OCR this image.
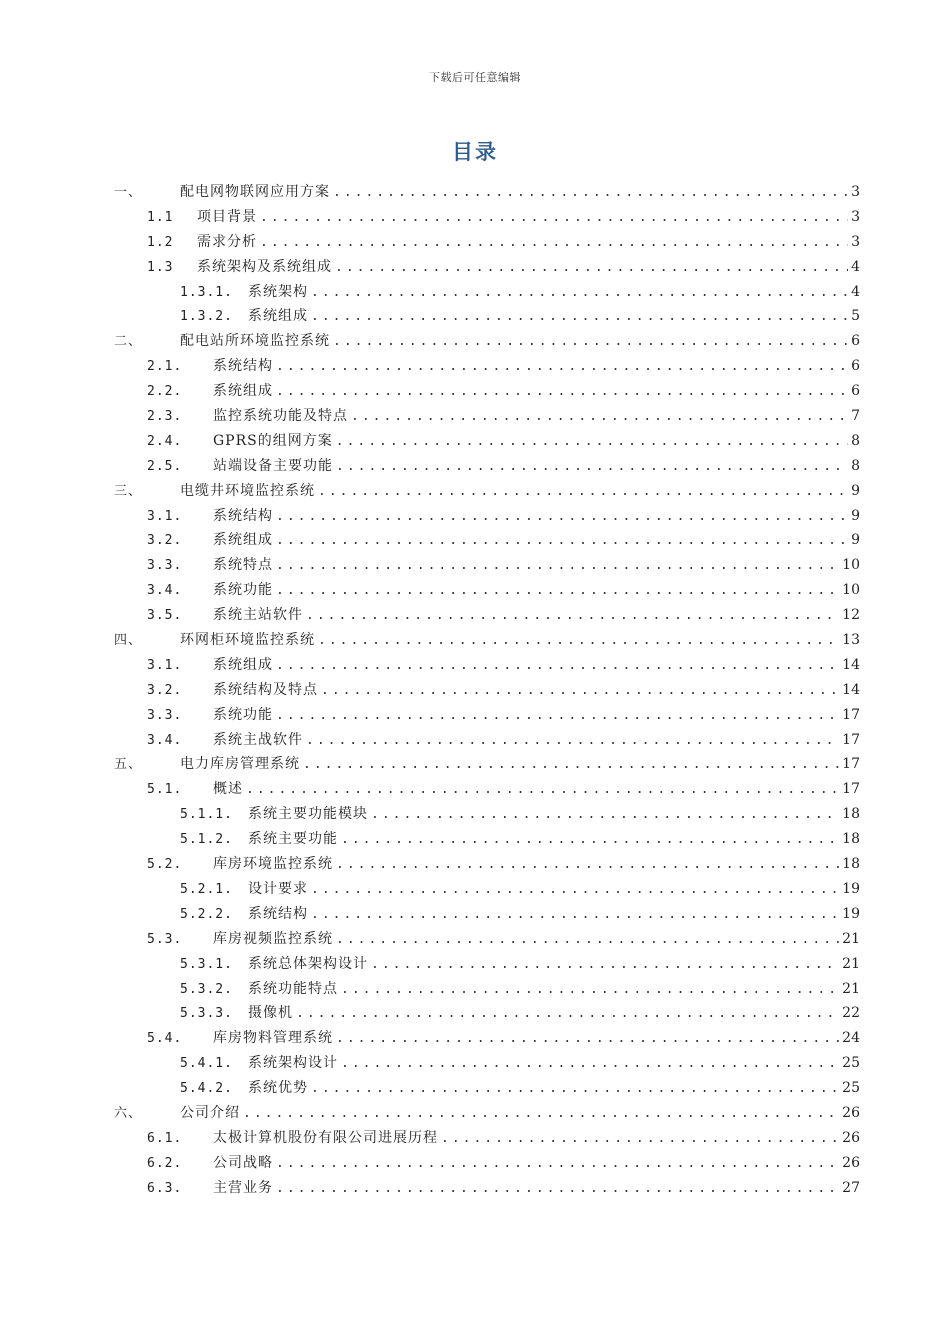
下载后可任意编辑
目录
一、	配电网物联网应用方案 .....	3
1.1	项目背景 .....	3
1.2	需求分析 .....	3
1.3	系统架构及系统组成 .....	4
1.3.1.	系统架构 .....	4
1.3.2.	系统组成 .....	5
二、	配电站所环境监控系统 .....	6
2.1.	系统结构 .....	6
2.2.	系统组成 .....	6
2.3.	监控系统功能及特点 .....	7
2.4.	GPRS的组网方案 .....	8
2.5.	站端设备主要功能 .....	8
三、	电缆井环境监控系统 .....	9
3.1.	系统结构 .....	9
3.2.	系统组成 .....	9
3.3.	系统特点 .....	10
3.4.	系统功能 .....	10
3.5.	系统主站软件 .....	12
四、	环网柜环境监控系统 .....	13
3.1.	系统组成 .....	14
3.2.	系统结构及特点 .....	14
3.3.	系统功能 .....	17
3.4.	系统主战软件 .....	17
五、	电力库房管理系统 .....	17
5.1.	概述 .....	17
5.1.1.	系统主要功能模块 .....	18
5.1.2.	系统主要功能 .....	18
5.2.	库房环境监控系统 .....	18
5.2.1.	设计要求 .....	19
5.2.2.	系统结构 .....	19
5.3.	库房视频监控系统 .....	21
5.3.1.	系统总体架构设计 .....	21
5.3.2.	系统功能特点 .....	21
5.3.3.	摄像机 .....	22
5.4.	库房物料管理系统 .....	24
5.4.1.	系统架构设计 .....	25
5.4.2.	系统优势 .....	25
六、	公司介绍 .....	26
6.1.	太极计算机股份有限公司进展历程 .....	26
6.2.	公司战略 .....	26
6.3.	主营业务 .....	27
